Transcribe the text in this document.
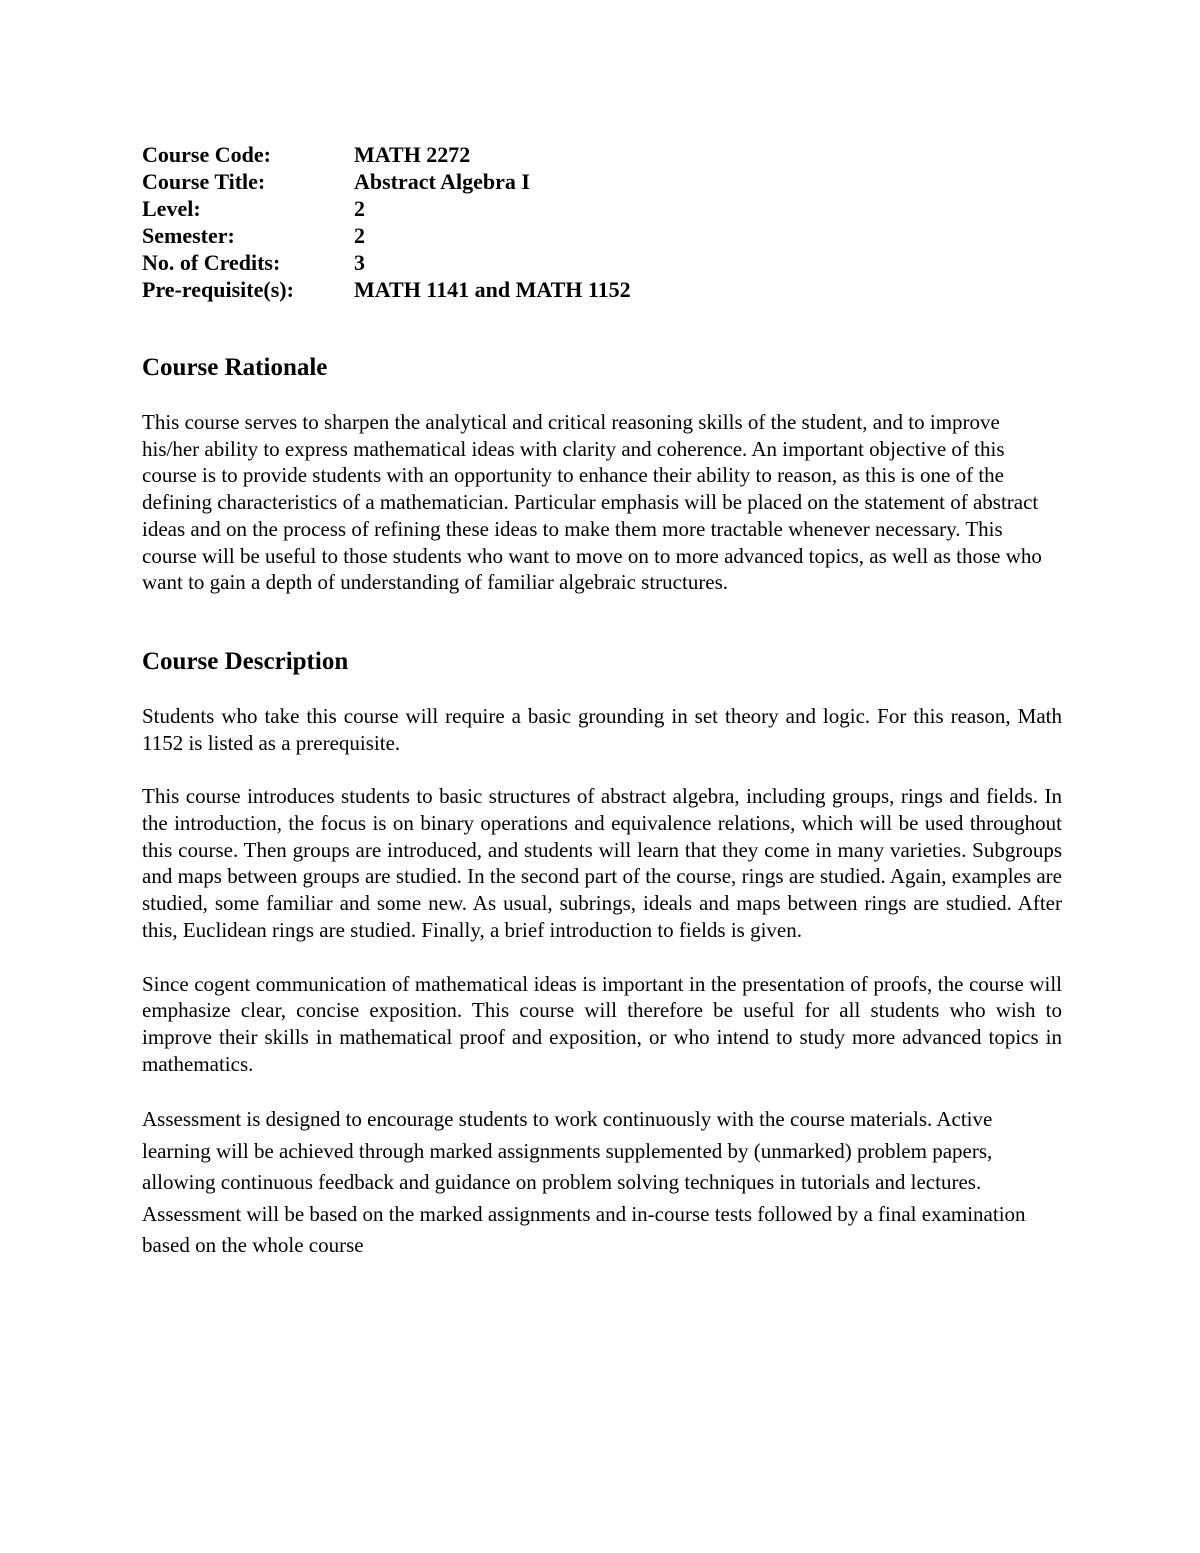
Course Code:	MATH 2272
Course Title:	Abstract Algebra I
Level:	2
Semester:	2
No. of Credits:	3
Pre-requisite(s):	MATH 1141 and MATH 1152
Course Rationale

This course serves to sharpen the analytical and critical reasoning skills of the student, and to improve his/her ability to express mathematical ideas with clarity and coherence. An important objective of this course is to provide students with an opportunity to enhance their ability to reason, as this is one of the defining characteristics of a mathematician. Particular emphasis will be placed on the statement of abstract ideas and on the process of refining these ideas to make them more tractable whenever necessary. This course will be useful to those students who want to move on to more advanced topics, as well as those who want to gain a depth of understanding of familiar algebraic structures.

Course Description

Students who take this course will require a basic grounding in set theory and logic. For this reason, Math 1152 is listed as a prerequisite.

This course introduces students to basic structures of abstract algebra, including groups, rings and fields. In the introduction, the focus is on binary operations and equivalence relations, which will be used throughout this course. Then groups are introduced, and students will learn that they come in many varieties. Subgroups and maps between groups are studied. In the second part of the course, rings are studied. Again, examples are studied, some familiar and some new. As usual, subrings, ideals and maps between rings are studied. After this, Euclidean rings are studied. Finally, a brief introduction to fields is given.

Since cogent communication of mathematical ideas is important in the presentation of proofs, the course will emphasize clear, concise exposition. This course will therefore be useful for all students who wish to improve their skills in mathematical proof and exposition, or who intend to study more advanced topics in mathematics.

Assessment is designed to encourage students to work continuously with the course materials. Active learning will be achieved through marked assignments supplemented by (unmarked) problem papers, allowing continuous feedback and guidance on problem solving techniques in tutorials and lectures. Assessment will be based on the marked assignments and in-course tests followed by a final examination based on the whole course
